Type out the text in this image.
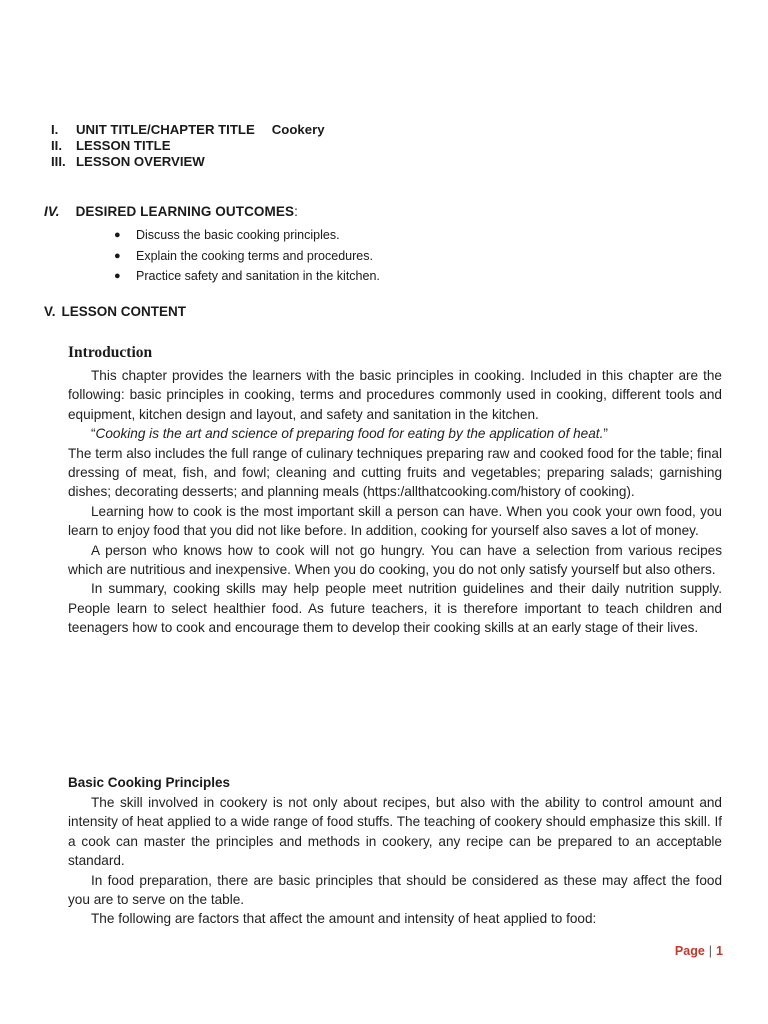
I.	UNIT TITLE/CHAPTER TITLE Cookery
II.	LESSON TITLE
III. LESSON OVERVIEW
IV. DESIRED LEARNING OUTCOMES:
● Discuss the basic cooking principles.
● Explain the cooking terms and procedures.
● Practice safety and sanitation in the kitchen.
V. LESSON CONTENT
Introduction

This chapter provides the learners with the basic principles in cooking. Included in this chapter are the following: basic principles in cooking, terms and procedures commonly used in cooking, different tools and equipment, kitchen design and layout, and safety and sanitation in the kitchen.

“Cooking is the art and science of preparing food for eating by the application of heat.”

The term also includes the full range of culinary techniques preparing raw and cooked food for the table; final dressing of meat, fish, and fowl; cleaning and cutting fruits and vegetables; preparing salads; garnishing dishes; decorating desserts; and planning meals (https:/allthatcooking.com/history of cooking).

Learning how to cook is the most important skill a person can have. When you cook your own food, you learn to enjoy food that you did not like before. In addition, cooking for yourself also saves a lot of money.

A person who knows how to cook will not go hungry. You can have a selection from various recipes which are nutritious and inexpensive. When you do cooking, you do not only satisfy yourself but also others.

In summary, cooking skills may help people meet nutrition guidelines and their daily nutrition supply. People learn to select healthier food. As future teachers, it is therefore important to teach children and teenagers how to cook and encourage them to develop their cooking skills at an early stage of their lives.

Basic Cooking Principles

The skill involved in cookery is not only about recipes, but also with the ability to control amount and intensity of heat applied to a wide range of food stuffs. The teaching of cookery should emphasize this skill. If a cook can master the principles and methods in cookery, any recipe can be prepared to an acceptable standard.

In food preparation, there are basic principles that should be considered as these may affect the food you are to serve on the table.

The following are factors that affect the amount and intensity of heat applied to food:

Page | 1
